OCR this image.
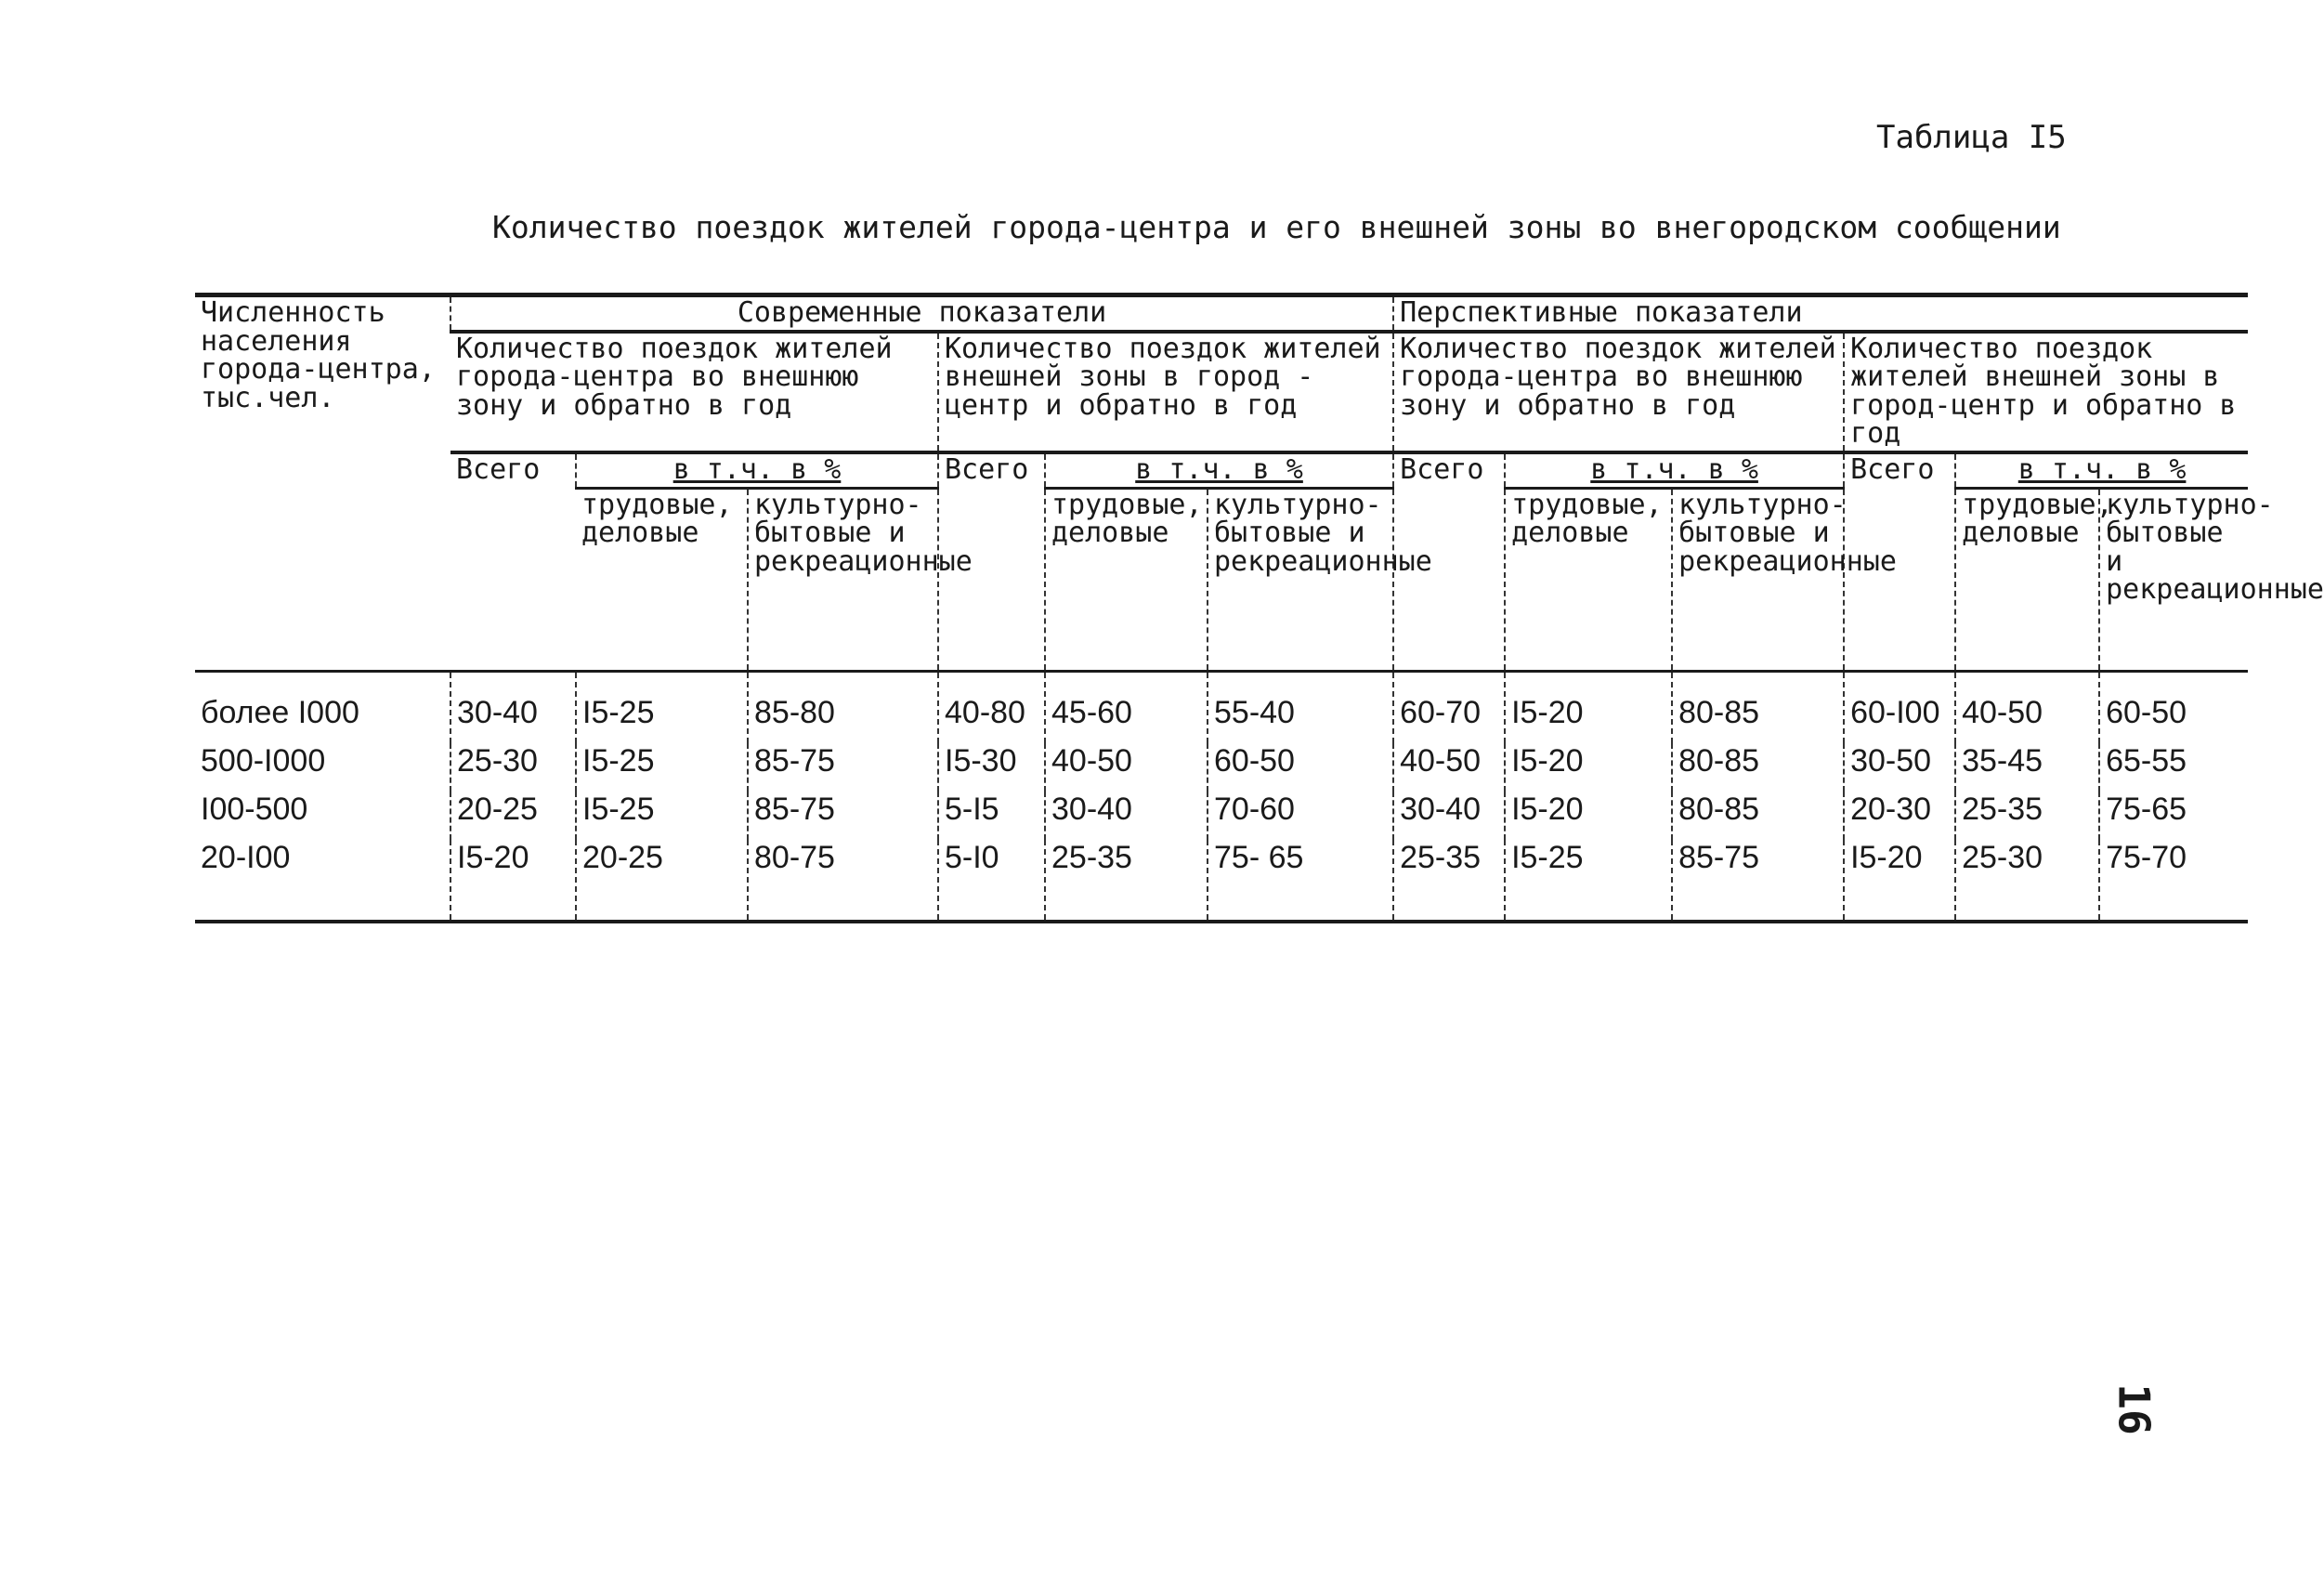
Таблица I5
Количество поездок жителей города-центра и его внешней зоны во внегородском сообщении
Численность населения города-центра, тыс.чел.	Современные показатели						Перспективные показатели					
	Количество поездок жителей города-центра во внешнюю зону и обратно в год			Количество поездок жителей внешней зоны в город - центр и обратно в год			Количество поездок жителей города-центра во внешнюю зону и обратно в год			Количество поездок жителей внешней зоны в город-центр и обратно в год		
	Всего	в т.ч. в %		Всего	в т.ч. в %		Всего	в т.ч. в %		Всего	в т.ч. в %	
		трудовые, деловые	культурно-бытовые и рекреационные		трудовые, деловые	культурно-бытовые и рекреационные		трудовые, деловые	культурно-бытовые и рекреационные		трудовые, деловые	культурно-бытовые и рекреационные
более I000	30-40	I5-25	85-80	40-80	45-60	55-40	60-70	I5-20	80-85	60-I00	40-50	60-50
500-I000	25-30	I5-25	85-75	I5-30	40-50	60-50	40-50	I5-20	80-85	30-50	35-45	65-55
I00-500	20-25	I5-25	85-75	5-I5	30-40	70-60	30-40	I5-20	80-85	20-30	25-35	75-65
20-I00	I5-20	20-25	80-75	5-I0	25-35	75- 65	25-35	I5-25	85-75	I5-20	25-30	75-70
16
